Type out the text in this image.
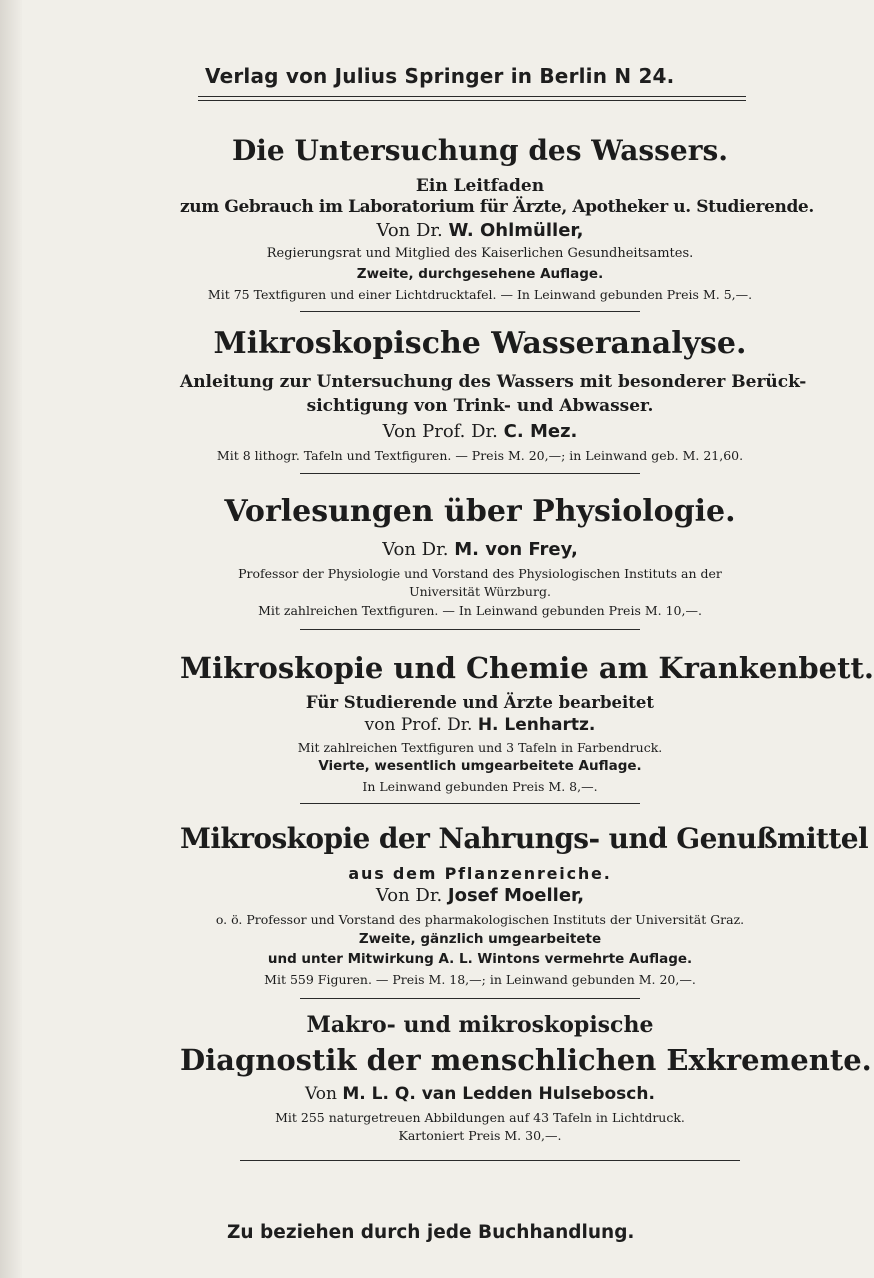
Verlag von Julius Springer in Berlin N 24.
Die Untersuchung des Wassers.
Ein Leitfaden
zum Gebrauch im Laboratorium für Ärzte, Apotheker u. Studierende.
Von Dr. W. Ohlmüller,
Regierungsrat und Mitglied des Kaiserlichen Gesundheitsamtes.
Zweite, durchgesehene Auflage.
Mit 75 Textfiguren und einer Lichtdrucktafel. — In Leinwand gebunden Preis M. 5,—.
Mikroskopische Wasseranalyse.
Anleitung zur Untersuchung des Wassers mit besonderer Berück-
sichtigung von Trink- und Abwasser.
Von Prof. Dr. C. Mez.
Mit 8 lithogr. Tafeln und Textfiguren. — Preis M. 20,—; in Leinwand geb. M. 21,60.
Vorlesungen über Physiologie.
Von Dr. M. von Frey,
Professor der Physiologie und Vorstand des Physiologischen Instituts an der
Universität Würzburg.
Mit zahlreichen Textfiguren. — In Leinwand gebunden Preis M. 10,—.
Mikroskopie und Chemie am Krankenbett.
Für Studierende und Ärzte bearbeitet
von Prof. Dr. H. Lenhartz.
Mit zahlreichen Textfiguren und 3 Tafeln in Farbendruck.
Vierte, wesentlich umgearbeitete Auflage.
In Leinwand gebunden Preis M. 8,—.
Mikroskopie der Nahrungs- und Genußmittel
aus dem Pflanzenreiche.
Von Dr. Josef Moeller,
o. ö. Professor und Vorstand des pharmakologischen Instituts der Universität Graz.
Zweite, gänzlich umgearbeitete
und unter Mitwirkung A. L. Wintons vermehrte Auflage.
Mit 559 Figuren. — Preis M. 18,—; in Leinwand gebunden M. 20,—.
Makro- und mikroskopische
Diagnostik der menschlichen Exkremente.
Von M. L. Q. van Ledden Hulsebosch.
Mit 255 naturgetreuen Abbildungen auf 43 Tafeln in Lichtdruck.
Kartoniert Preis M. 30,—.
Zu beziehen durch jede Buchhandlung.
